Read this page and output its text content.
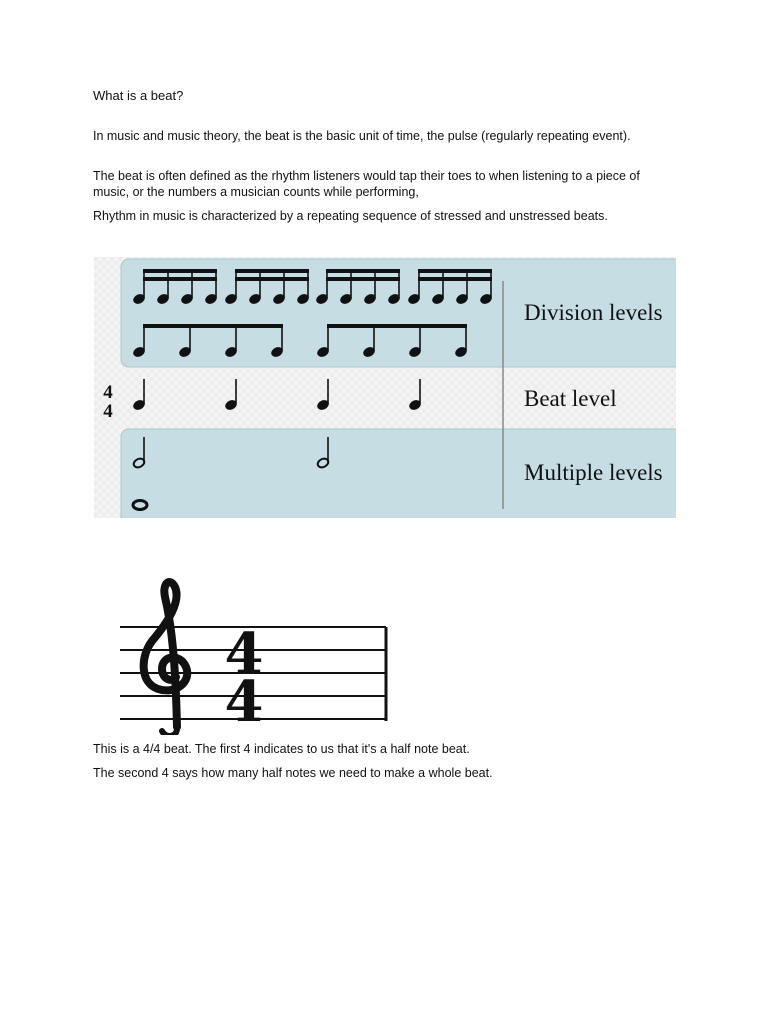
What is a beat?

In music and music theory, the beat is the basic unit of time, the pulse (regularly repeating event).

The beat is often defined as the rhythm listeners would tap their toes to when listening to a piece of music, or the numbers a musician counts while performing,

Rhythm in music is characterized by a repeating sequence of stressed and unstressed beats.

4
4
Division levels
Beat level
Multiple levels
4
4

This is a 4/4 beat. The first 4 indicates to us that it's a half note beat.

The second 4 says how many half notes we need to make a whole beat.
